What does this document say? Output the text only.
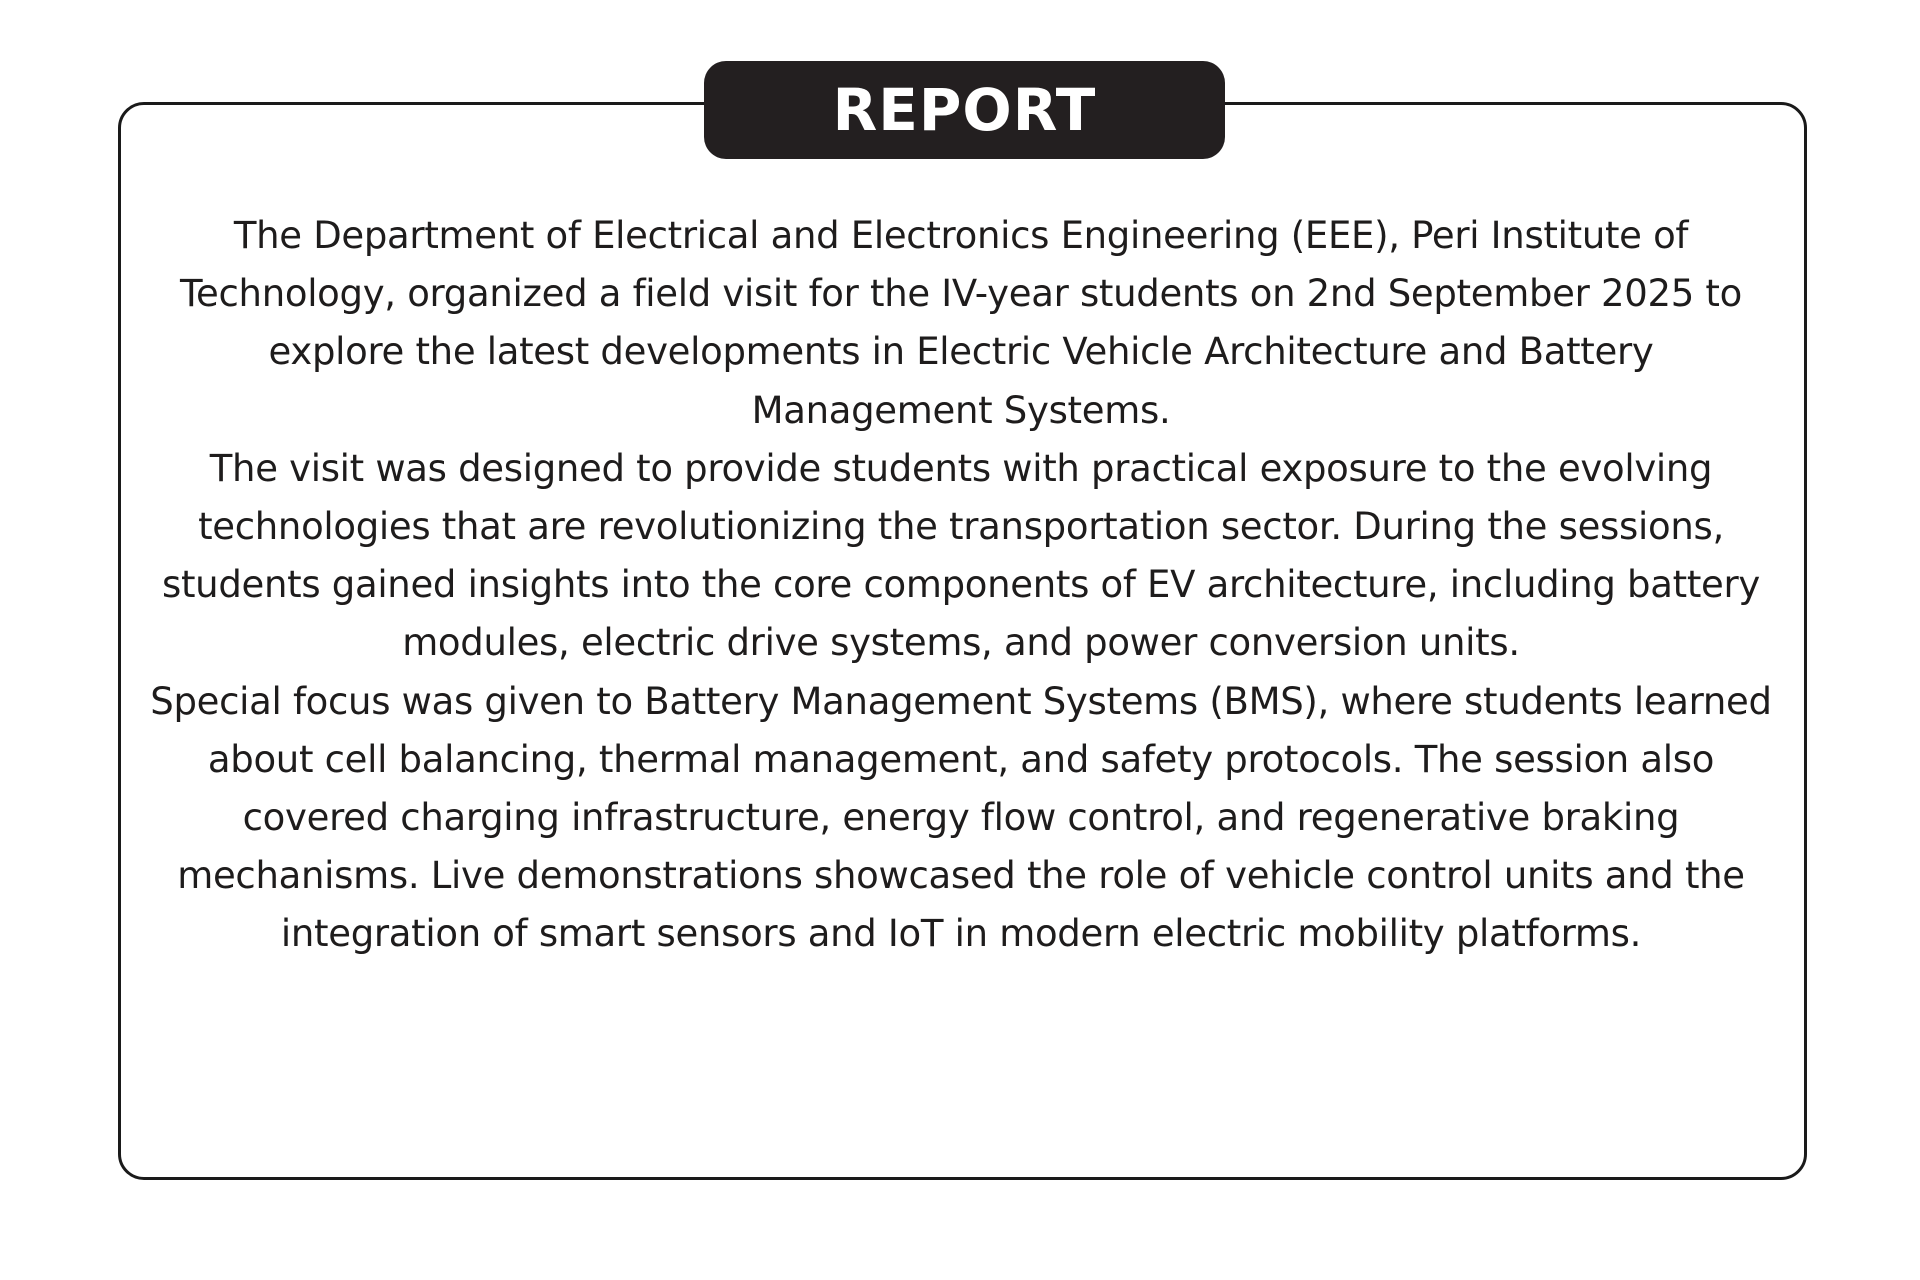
REPORT

The Department of Electrical and Electronics Engineering (EEE), Peri Institute of Technology, organized a field visit for the IV-year students on 2nd September 2025 to explore the latest developments in Electric Vehicle Architecture and Battery Management Systems.

The visit was designed to provide students with practical exposure to the evolving technologies that are revolutionizing the transportation sector. During the sessions, students gained insights into the core components of EV architecture, including battery modules, electric drive systems, and power conversion units.

Special focus was given to Battery Management Systems (BMS), where students learned about cell balancing, thermal management, and safety protocols. The session also covered charging infrastructure, energy flow control, and regenerative braking mechanisms. Live demonstrations showcased the role of vehicle control units and the integration of smart sensors and IoT in modern electric mobility platforms.
